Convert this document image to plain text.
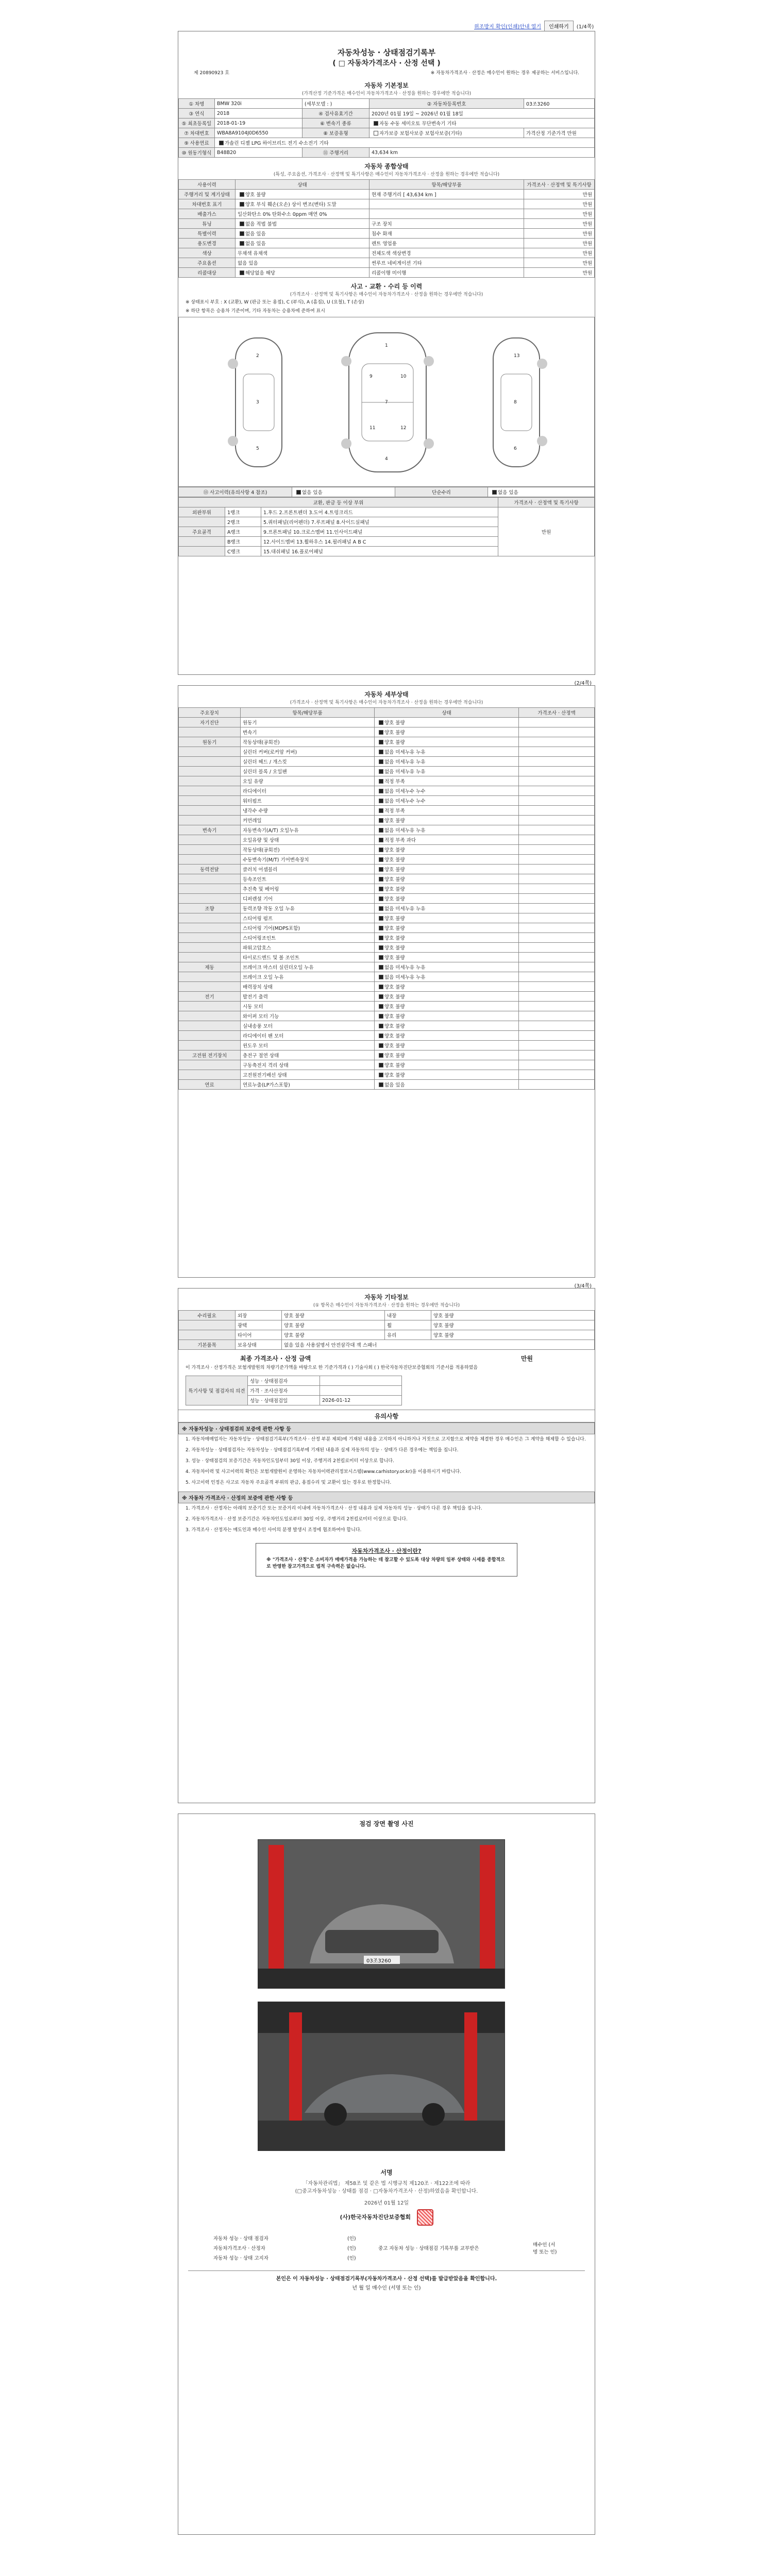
위조방지 확인(인쇄)안내 열기	인쇄하기	(1/4쪽)
자동차성능 · 상태점검기록부
( □ 자동차가격조사 · 산정 선택 )
제 20890923 호	※ 자동차가격조사 · 산정은 매수인이 원하는 경우 제공하는 서비스입니다.
자동차 기본정보
(가격산정 기준가격은 매수인이 자동차가격조사 · 산정을 원하는 경우에만 적습니다)
① 차명	BMW 320i	(세부모델 : )	② 자동차등록번호	03조3260
③ 연식	2018	④ 검사유효기간	2020년 01월 19일 ~ 2026년 01월 18일	
⑤ 최초등록일	2018-01-19	⑥ 변속기 종류	자동 수동 세미오토 무단변속기 기타	
⑦ 차대번호	WBA8A9104J0D6550	⑧ 보증유형	자가보증 보험사보증 보험사보증(기타)	가격산정 기준가격 만원
⑨ 사용연료	가솔린 디젤 LPG 하이브리드 전기 수소전기 기타			
⑩ 원동기형식	B48B20	⑪ 주행거리	43,634 km	
자동차 종합상태
(특성, 주요옵션, 가격조사 · 산정액 및 특기사항은 매수인이 자동차가격조사 · 산정을 원하는 경우에만 적습니다)
사용이력	상태	항목/해당부품	가격조사 · 산정액 및 특기사항
주행거리 및 계기상태	양호 불량	현재 주행거리 [ 43,634 km ]	만원
차대번호 표기	양호 부식 훼손(오손) 상이 변조(변타) 도말		만원
배출가스	일산화탄소 0% 탄화수소 0ppm 매연 0%		만원
튜닝	없음 적법 불법	구조 장치	만원
특별이력	없음 있음	침수 화재	만원
용도변경	없음 있음	렌트 영업용	만원
색상	무채색 유채색	전체도색 색상변경	만원
주요옵션	없음 있음	썬루프 네비게이션 기타	만원
리콜대상	해당없음 해당	리콜이행 미이행	만원
사고 · 교환 · 수리 등 이력
(가격조사 · 산정액 및 특기사항은 매수인이 자동차가격조사 · 산정을 원하는 경우에만 적습니다)
※ 상태표시 부호 : X (교환), W (판금 또는 용접), C (부식), A (흠집), U (요철), T (손상)
※ 하단 항목은 승용차 기준이며, 기타 자동차는 승용차에 준하여 표시
1
2
3
4
5	6
7	8
9	10
11	12
13
⑬ 사고이력(유의사항 4 참조)	없음 있음	단순수리	없음 있음
교환, 판금 등 이상 부위			가격조사 · 산정액 및 특기사항
외판부위	1랭크	1.후드 2.프론트펜더 3.도어 4.트렁크리드	만원
	2랭크	5.쿼터패널(리어펜더) 7.루프패널 8.사이드실패널	
주요골격	A랭크	9.프론트패널 10.크로스멤버 11.인사이드패널	
	B랭크	12.사이드멤버 13.휠하우스 14.필러패널 A B C	
	C랭크	15.대쉬패널 16.플로어패널	
(2/4쪽)
자동차 세부상태
(가격조사 · 산정액 및 특기사항은 매수인이 자동차가격조사 · 산정을 원하는 경우에만 적습니다)
주요장치	항목/해당부품	상태	가격조사 · 산정액
자기진단	원동기	양호 불량	
	변속기	양호 불량	
원동기	작동상태(공회전)	양호 불량	
	실린더 커버(로커암 커버)	없음 미세누유 누유	
	실린더 헤드 / 개스킷	없음 미세누유 누유	
	실린더 블록 / 오일팬	없음 미세누유 누유	
	오일 유량	적정 부족	
	라디에이터	없음 미세누수 누수	
	워터펌프	없음 미세누수 누수	
	냉각수 수량	적정 부족	
	커먼레일	양호 불량	
변속기	자동변속기(A/T) 오일누유	없음 미세누유 누유	
	오일유량 및 상태	적정 부족 과다	
	작동상태(공회전)	양호 불량	
	수동변속기(M/T) 기어변속장치	양호 불량	
동력전달	클러치 어셈블리	양호 불량	
	등속조인트	양호 불량	
	추진축 및 베어링	양호 불량	
	디퍼렌셜 기어	양호 불량	
조향	동력조향 작동 오일 누유	없음 미세누유 누유	
	스티어링 펌프	양호 불량	
	스티어링 기어(MDPS포함)	양호 불량	
	스티어링조인트	양호 불량	
	파워고압호스	양호 불량	
	타이로드엔드 및 볼 조인트	양호 불량	
제동	브레이크 마스터 실린더오일 누유	없음 미세누유 누유	
	브레이크 오일 누유	없음 미세누유 누유	
	배력장치 상태	양호 불량	
전기	발전기 출력	양호 불량	
	시동 모터	양호 불량	
	와이퍼 모터 기능	양호 불량	
	실내송풍 모터	양호 불량	
	라디에이터 팬 모터	양호 불량	
	윈도우 모터	양호 불량	
고전원 전기장치	충전구 절연 상태	양호 불량	
	구동축전지 격리 상태	양호 불량	
	고전원전기배선 상태	양호 불량	
연료	연료누출(LP가스포함)	없음 있음	
(3/4쪽)
자동차 기타정보
(① 항목은 매수인이 자동차가격조사 · 산정을 원하는 경우에만 적습니다)
수리필요	외장	양호 불량	내장	양호 불량
	광택	양호 불량	휠	양호 불량
	타이어	양호 불량	유리	양호 불량
기본품목	보유상태	없음 있음 사용설명서 안전삼각대 잭 스패너		
최종 가격조사 · 산정 금액	만원
이 가격조사 · 산정가격은 보험개발원의 차량기준가액을 바탕으로 한 기준가격과 ( ) 기술사회 ( ) 한국자동차진단보증협회의 기준서를 적용하였음
특기사항 및 점검자의 의견	성능 · 상태점검자	
	가격 · 조사산정자	
	성능 · 상태점검일	2026-01-12
유의사항
※ 자동차성능 · 상태점검의 보증에 관한 사항 등
1. 자동차매매업자는 자동차성능 · 상태점검기록부(가격조사 · 산정 부분 제외)에 기재된 내용을 고지하지 아니하거나 거짓으로 고지함으로 계약을 체결한 경우 매수인은 그 계약을 해제할 수 있습니다.
2. 자동차성능 · 상태점검자는 자동차성능 · 상태점검기록부에 기재된 내용과 실제 자동차의 성능 · 상태가 다른 경우에는 책임을 집니다.
3. 성능 · 상태점검의 보증기간은 자동차인도일부터 30일 이상, 주행거리 2천킬로미터 이상으로 합니다.
4. 자동차이력 및 사고이력의 확인은 보험개발원이 운영하는 자동차이력관리정보시스템(www.carhistory.or.kr)을 이용하시기 바랍니다.
5. 사고이력 인정은 사고로 자동차 주요골격 부위의 판금, 용접수리 및 교환이 있는 경우로 한정합니다.
※ 자동차 가격조사 · 산정의 보증에 관한 사항 등
1. 가격조사 · 산정자는 아래의 보증기간 또는 보증거리 이내에 자동차가격조사 · 산정 내용과 실제 자동차의 성능 · 상태가 다른 경우 책임을 집니다.
2. 자동차가격조사 · 산정 보증기간은 자동차인도일로부터 30일 이상, 주행거리 2천킬로미터 이상으로 합니다.
3. 가격조사 · 산정자는 매도인과 매수인 사이의 분쟁 발생시 조정에 협조하여야 합니다.
자동차가격조사 · 산정이란?
※ "가격조사 · 산정"은 소비자가 매매가격을 가늠하는 데 참고할 수 있도록 대상 차량의 일부 상태와 시세를 종합적으로 반영한 참고가격으로 법적 구속력은 없습니다.
점검 장면 촬영 사진
03조3260
서명
「자동차관리법」 제58조 및 같은 법 시행규칙 제120조 · 제122조에 따라
(□중고자동차성능 · 상태를 점검 · □자동차가격조사 · 산정)하였음을 확인합니다.
2026년 01월 12일
(사)한국자동차진단보증협회
자동차 성능 · 상태 점검자	(인)	중고 자동차 성능 · 상태점검 기록부를 교부받은	매수인 (서명 또는 인)
자동차가격조사 · 산정자	(인)		
자동차 성능 · 상태 고지자	(인)		
본인은 이 자동차성능 · 상태점검기록부(자동차가격조사 · 산정 선택)를 발급받았음을 확인합니다.
년 월 일 매수인 (서명 또는 인)
